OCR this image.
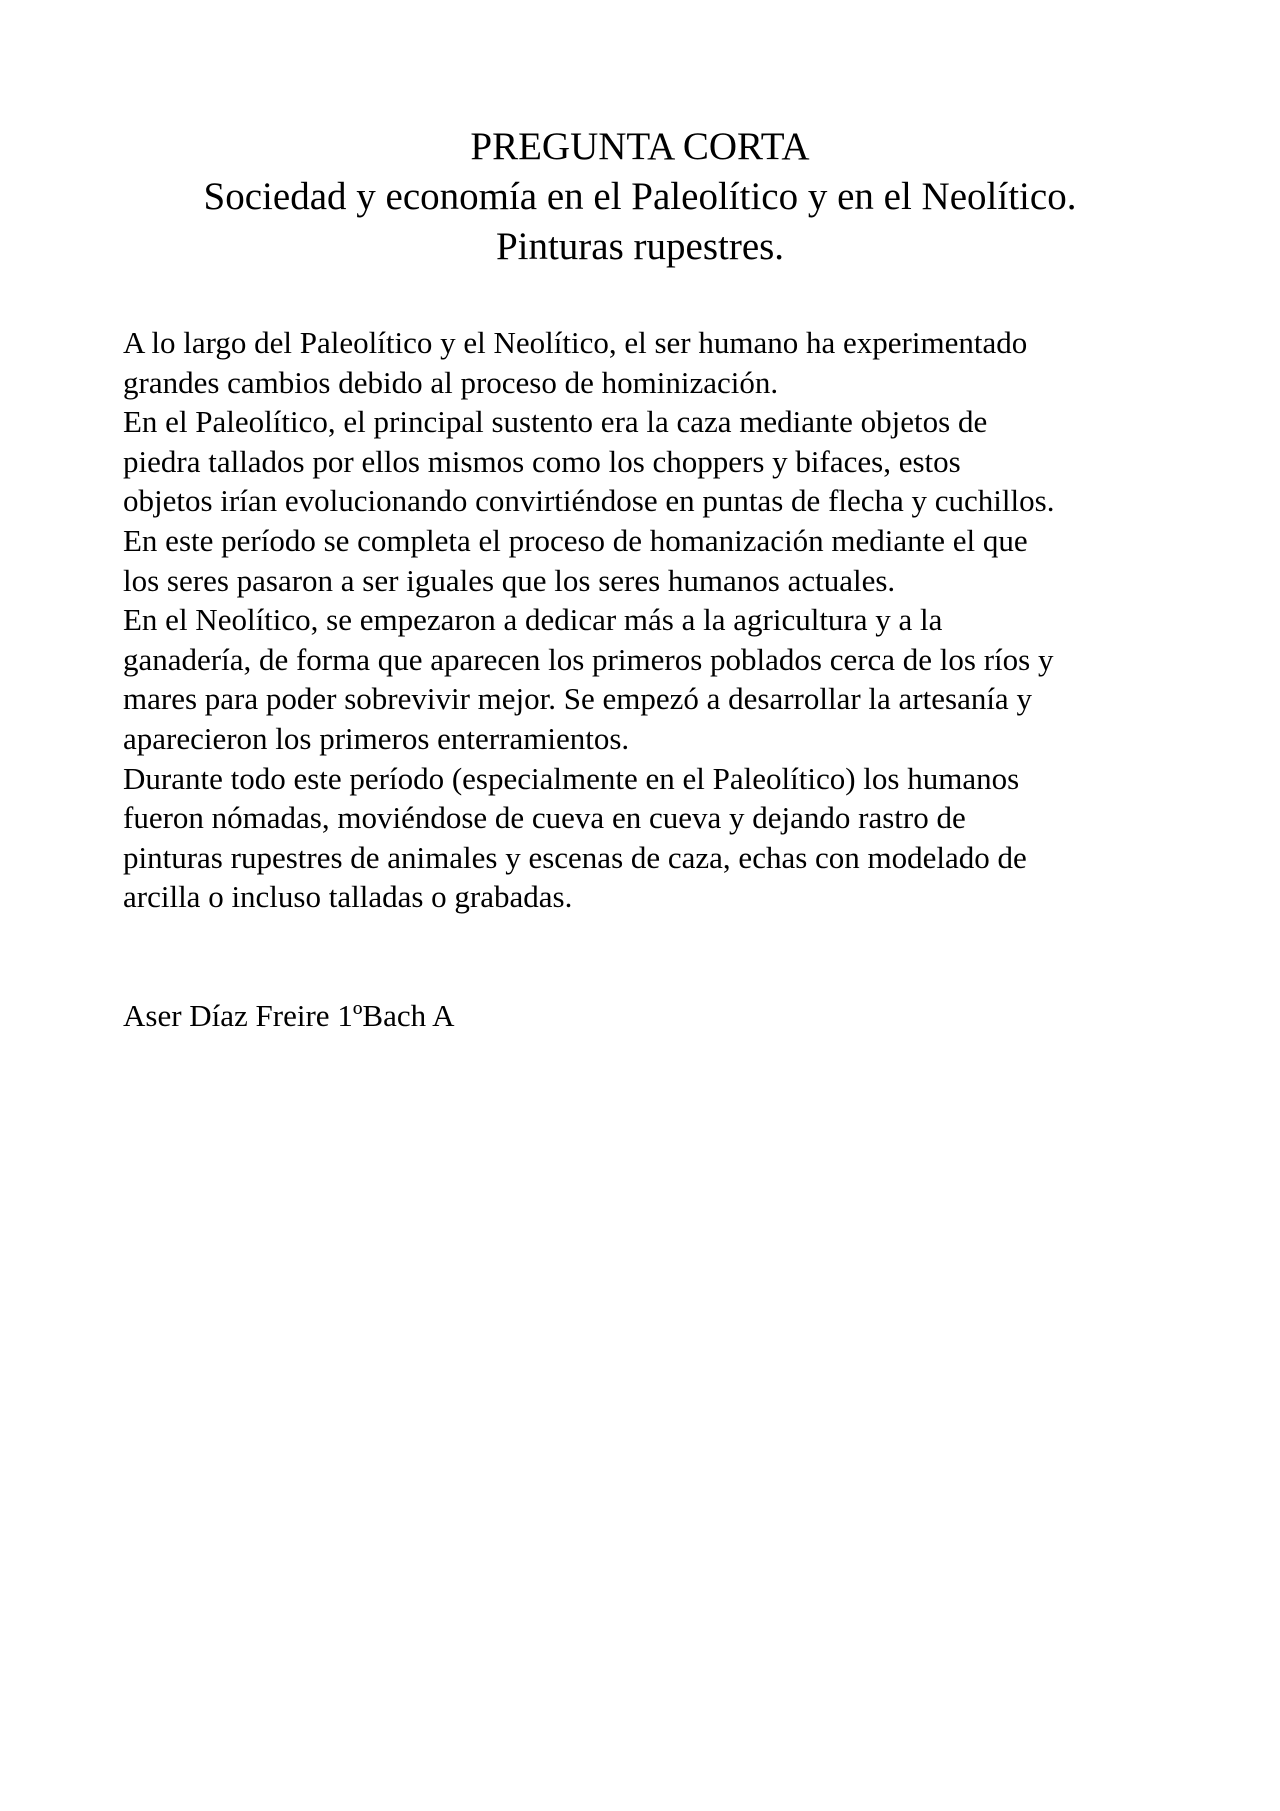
PREGUNTA CORTA
Sociedad y economía en el Paleolítico y en el Neolítico.
Pinturas rupestres.
A lo largo del Paleolítico y el Neolítico, el ser humano ha experimentado
grandes cambios debido al proceso de hominización.
En el Paleolítico, el principal sustento era la caza mediante objetos de
piedra tallados por ellos mismos como los choppers y bifaces, estos
objetos irían evolucionando convirtiéndose en puntas de flecha y cuchillos.
En este período se completa el proceso de homanización mediante el que
los seres pasaron a ser iguales que los seres humanos actuales.
En el Neolítico, se empezaron a dedicar más a la agricultura y a la
ganadería, de forma que aparecen los primeros poblados cerca de los ríos y
mares para poder sobrevivir mejor. Se empezó a desarrollar la artesanía y
aparecieron los primeros enterramientos.
Durante todo este período (especialmente en el Paleolítico) los humanos
fueron nómadas, moviéndose de cueva en cueva y dejando rastro de
pinturas rupestres de animales y escenas de caza, echas con modelado de
arcilla o incluso talladas o grabadas.
Aser Díaz Freire 1ºBach A
